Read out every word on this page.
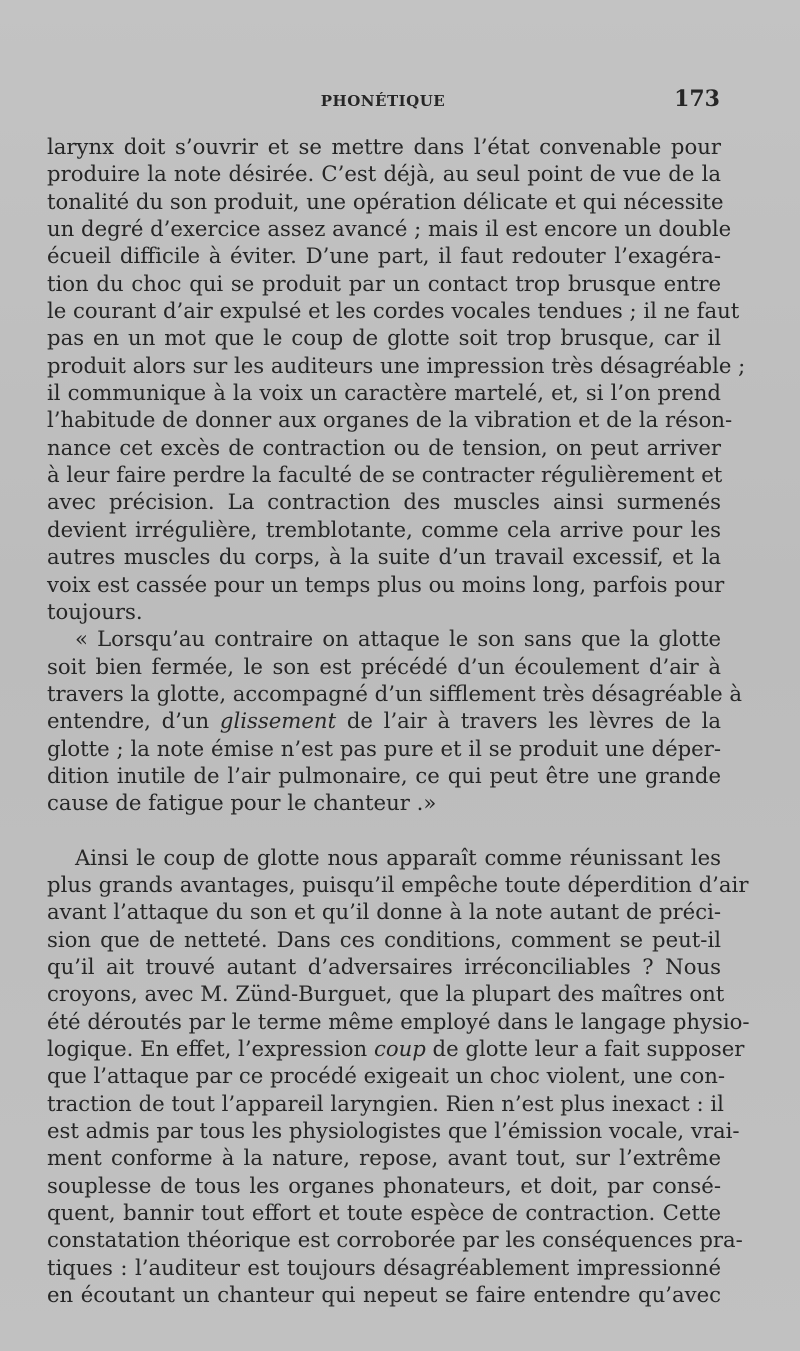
PHONÉTIQUE	173
larynx doit s’ouvrir et se mettre dans l’état convenable pour
produire la note désirée. C’est déjà, au seul point de vue de la
tonalité du son produit, une opération délicate et qui nécessite
un degré d’exercice assez avancé ; mais il est encore un double
écueil difficile à éviter. D’une part, il faut redouter l’exagéra-
tion du choc qui se produit par un contact trop brusque entre
le courant d’air expulsé et les cordes vocales tendues ; il ne faut
pas en un mot que le coup de glotte soit trop brusque, car il
produit alors sur les auditeurs une impression très désagréable ;
il communique à la voix un caractère martelé, et, si l’on prend
l’habitude de donner aux organes de la vibration et de la réson-
nance cet excès de contraction ou de tension, on peut arriver
à leur faire perdre la faculté de se contracter régulièrement et
avec précision. La contraction des muscles ainsi surmenés
devient irrégulière, tremblotante, comme cela arrive pour les
autres muscles du corps, à la suite d’un travail excessif, et la
voix est cassée pour un temps plus ou moins long, parfois pour
toujours.
« Lorsqu’au contraire on attaque le son sans que la glotte
soit bien fermée, le son est précédé d’un écoulement d’air à
travers la glotte, accompagné d’un sifflement très désagréable à
entendre, d’un glissement de l’air à travers les lèvres de la
glotte ; la note émise n’est pas pure et il se produit une déper-
dition inutile de l’air pulmonaire, ce qui peut être une grande
cause de fatigue pour le chanteur .»
Ainsi le coup de glotte nous apparaît comme réunissant les
plus grands avantages, puisqu’il empêche toute déperdition d’air
avant l’attaque du son et qu’il donne à la note autant de préci-
sion que de netteté. Dans ces conditions, comment se peut-il
qu’il ait trouvé autant d’adversaires irréconciliables ? Nous
croyons, avec M. Zünd-Burguet, que la plupart des maîtres ont
été déroutés par le terme même employé dans le langage physio-
logique. En effet, l’expression coup de glotte leur a fait supposer
que l’attaque par ce procédé exigeait un choc violent, une con-
traction de tout l’appareil laryngien. Rien n’est plus inexact : il
est admis par tous les physiologistes que l’émission vocale, vrai-
ment conforme à la nature, repose, avant tout, sur l’extrême
souplesse de tous les organes phonateurs, et doit, par consé-
quent, bannir tout effort et toute espèce de contraction. Cette
constatation théorique est corroborée par les conséquences pra-
tiques : l’auditeur est toujours désagréablement impressionné
en écoutant un chanteur qui nepeut se faire entendre qu’avec
